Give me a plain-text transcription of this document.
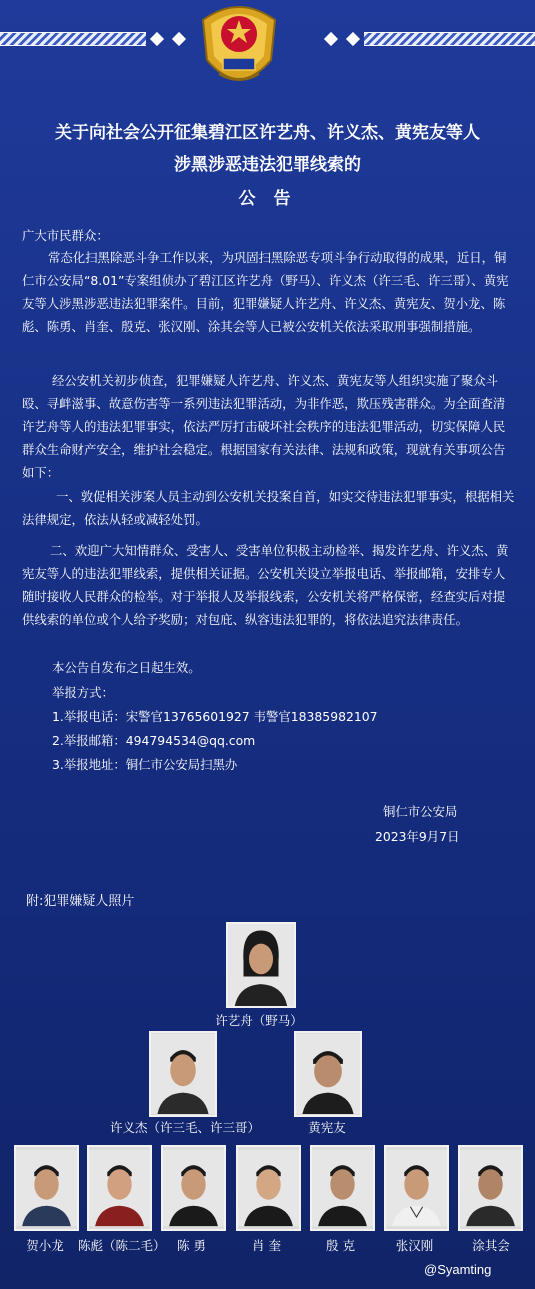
关于向社会公开征集碧江区许艺舟、许义杰、黄宪友等人
涉黑涉恶违法犯罪线索的
公 告
广大市民群众：
常态化扫黑除恶斗争工作以来，为巩固扫黑除恶专项斗争行动取得的成果，近日，铜仁市公安局“8.01”专案组侦办了碧江区许艺舟（野马）、许义杰（许三毛、许三哥）、黄宪友等人涉黑涉恶违法犯罪案件。目前，犯罪嫌疑人许艺舟、许义杰、黄宪友、贺小龙、陈彪、陈勇、肖奎、殷克、张汉刚、涂其会等人已被公安机关依法采取刑事强制措施。
经公安机关初步侦查，犯罪嫌疑人许艺舟、许义杰、黄宪友等人组织实施了聚众斗殴、寻衅滋事、故意伤害等一系列违法犯罪活动，为非作恶，欺压残害群众。为全面查清许艺舟等人的违法犯罪事实，依法严厉打击破坏社会秩序的违法犯罪活动，切实保障人民群众生命财产安全，维护社会稳定。根据国家有关法律、法规和政策，现就有关事项公告如下：
一、敦促相关涉案人员主动到公安机关投案自首，如实交待违法犯罪事实，根据相关法律规定，依法从轻或减轻处罚。
二、欢迎广大知情群众、受害人、受害单位积极主动检举、揭发许艺舟、许义杰、黄宪友等人的违法犯罪线索，提供相关证据。公安机关设立举报电话、举报邮箱，安排专人随时接收人民群众的检举。对于举报人及举报线索，公安机关将严格保密，经查实后对提供线索的单位或个人给予奖励；对包庇、纵容违法犯罪的，将依法追究法律责任。
本公告自发布之日起生效。
举报方式：
1.举报电话：宋警官13765601927 韦警官18385982107
2.举报邮箱：494794534@qq.com
3.举报地址：铜仁市公安局扫黑办
铜仁市公安局
2023年9月7日
附:犯罪嫌疑人照片
许艺舟（野马）
许义杰（许三毛、许三哥）	黄宪友
贺小龙	陈彪（陈二毛） 陈 勇	肖 奎	殷 克	张汉刚	涂其会
@Syamting
